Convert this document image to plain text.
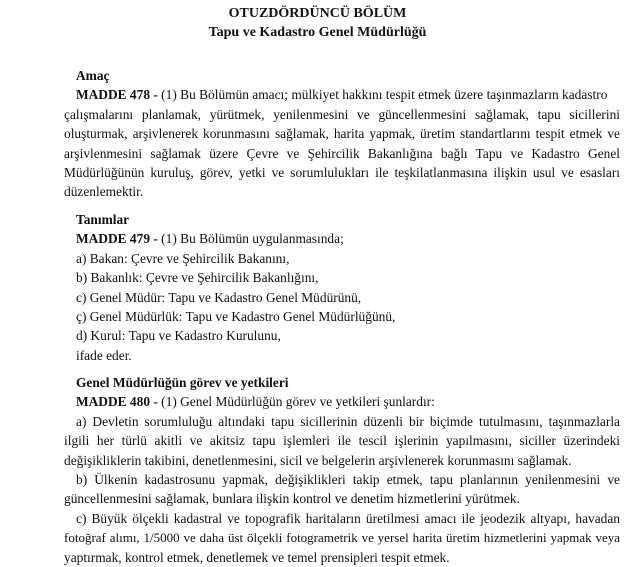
OTUZDÖRDÜNCÜ BÖLÜM
Tapu ve Kadastro Genel Müdürlüğü
Amaç
MADDE 478 - (1) Bu Bölümün amacı; mülkiyet hakkını tespit etmek üzere taşınmazların kadastro
çalışmalarını planlamak, yürütmek, yenilenmesini ve güncellenmesini sağlamak, tapu sicillerini
oluşturmak, arşivlenerek korunmasını sağlamak, harita yapmak, üretim standartlarını tespit etmek ve
arşivlenmesini sağlamak üzere Çevre ve Şehircilik Bakanlığına bağlı Tapu ve Kadastro Genel
Müdürlüğünün kuruluş, görev, yetki ve sorumlulukları ile teşkilatlanmasına ilişkin usul ve esasları
düzenlemektir.
Tanımlar
MADDE 479 - (1) Bu Bölümün uygulanmasında;
a) Bakan: Çevre ve Şehircilik Bakanını,
b) Bakanlık: Çevre ve Şehircilik Bakanlığını,
c) Genel Müdür: Tapu ve Kadastro Genel Müdürünü,
ç) Genel Müdürlük: Tapu ve Kadastro Genel Müdürlüğünü,
d) Kurul: Tapu ve Kadastro Kurulunu,
ifade eder.
Genel Müdürlüğün görev ve yetkileri
MADDE 480 - (1) Genel Müdürlüğün görev ve yetkileri şunlardır:
a) Devletin sorumluluğu altındaki tapu sicillerinin düzenli bir biçimde tutulmasını, taşınmazlarla
ilgili her türlü akitli ve akitsiz tapu işlemleri ile tescil işlerinin yapılmasını, siciller üzerindeki
değişikliklerin takibini, denetlenmesini, sicil ve belgelerin arşivlenerek korunmasını sağlamak.
b) Ülkenin kadastrosunu yapmak, değişiklikleri takip etmek, tapu planlarının yenilenmesini ve
güncellenmesini sağlamak, bunlara ilişkin kontrol ve denetim hizmetlerini yürütmek.
c) Büyük ölçekli kadastral ve topografik haritaların üretilmesi amacı ile jeodezik altyapı, havadan
fotoğraf alımı, 1/5000 ve daha üst ölçekli fotogrametrik ve yersel harita üretim hizmetlerini yapmak veya
yaptırmak, kontrol etmek, denetlemek ve temel prensipleri tespit etmek.
